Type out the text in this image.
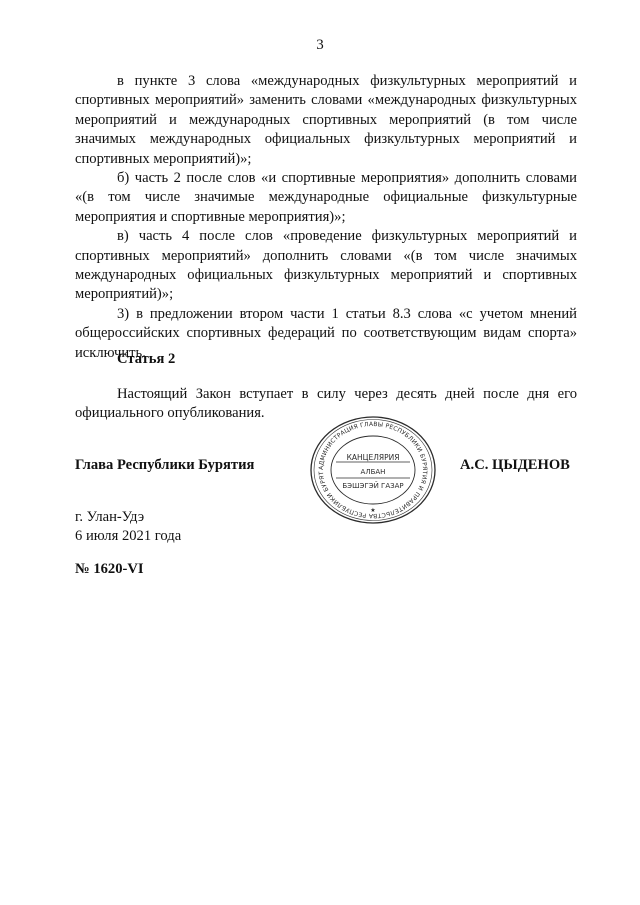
3

в пункте 3 слова «международных физкультурных мероприятий и спортивных мероприятий» заменить словами «международных физкультурных мероприятий и международных спортивных мероприятий (в том числе значимых международных официальных физкультурных мероприятий и спортивных мероприятий)»;

б) часть 2 после слов «и спортивные мероприятия» дополнить словами «(в том числе значимые международные официальные физкультурные мероприятия и спортивные мероприятия)»;

в) часть 4 после слов «проведение физкультурных мероприятий и спортивных мероприятий» дополнить словами «(в том числе значимых международных официальных физкультурных мероприятий и спортивных мероприятий)»;

3) в предложении втором части 1 статьи 8.3 слова «с учетом мнений общероссийских спортивных федераций по соответствующим видам спорта» исключить.

Статья 2

Настоящий Закон вступает в силу через десять дней после дня его официального опубликования.

Глава Республики Бурятия	АДМИНИСТРАЦИЯ ГЛАВЫ РЕСПУБЛИКИ БУРЯТИЯ И ПРАВИТЕЛЬСТВА РЕСПУБЛИКИ БУРЯТ
КАНЦЕЛЯРИЯ
АЛБАН
БЭШЭГЭЙ ГАЗАР
★
А.С. ЦЫДЕНОВ
г. Улан-Удэ
6 июля 2021 года
№ 1620-VI
